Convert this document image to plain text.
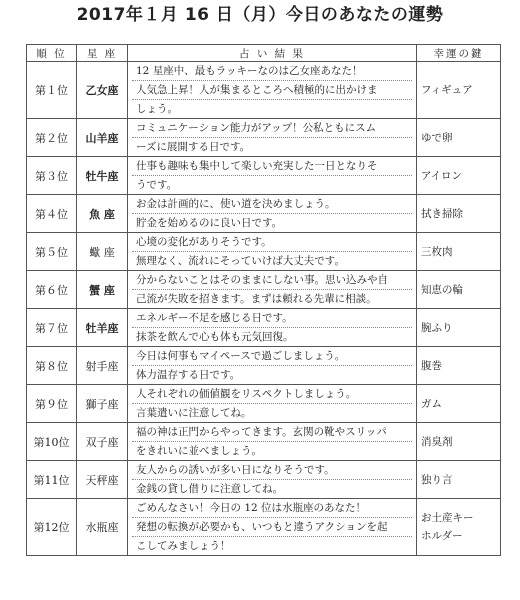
2017年１月 16 日（月）今日のあなたの運勢
順 位	星 座	占 い 結 果	幸運の鍵
第１位	乙女座	12 星座中、最もラッキーなのは乙女座あなた！
人気急上昇！人が集まるところへ積極的に出かけま
しょう。	フィギュア

第２位	山羊座	コミュニケーション能力がアップ！公私ともにスム
ーズに展開する日です。	ゆで卵

第３位	牡牛座	仕事も趣味も集中して楽しい充実した一日となりそ
うです。	アイロン

第４位	魚 座	お金は計画的に、使い道を決めましょう。
貯金を始めるのに良い日です。	拭き掃除

第５位	蠍 座	心境の変化がありそうです。
無理なく、流れにそっていけば大丈夫です。	三枚肉

第６位	蟹 座	分からないことはそのままにしない事。思い込みや自
己流が失敗を招きます。まずは頼れる先輩に相談。	知恵の輪

第７位	牡羊座	エネルギー不足を感じる日です。
抹茶を飲んで心も体も元気回復。	腕ふり

第８位	射手座	今日は何事もマイペースで過ごしましょう。
体力温存する日です。	腹巻

第９位	獅子座	人それぞれの価値観をリスペクトしましょう。
言葉遣いに注意してね。	ガム

第10位	双子座	福の神は正門からやってきます。玄関の靴やスリッパ
をきれいに並べましょう。	消臭剤

第11位	天秤座	友人からの誘いが多い日になりそうです。
金銭の貸し借りに注意してね。	独り言

第12位	水瓶座	ごめんなさい！今日の 12 位は水瓶座のあなた！
発想の転換が必要かも、いつもと違うアクションを起
こしてみましょう！	お土産キー
ホルダー
